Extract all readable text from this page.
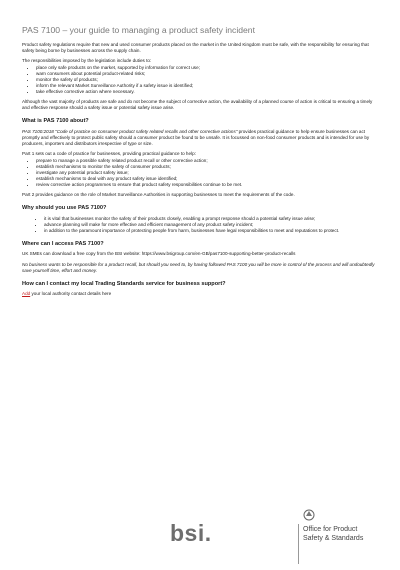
PAS 7100 – your guide to managing a product safety incident

Product safety regulations require that new and used consumer products placed on the market in the United Kingdom must be safe, with the responsibility for ensuring that safety being borne by businesses across the supply chain.

The responsibilities imposed by the legislation include duties to:

• place only safe products on the market, supported by information for correct use;
• warn consumers about potential product-related risks;
• monitor the safety of products;
• inform the relevant Market Surveillance Authority if a safety issue is identified;
• take effective corrective action where necessary.

Although the vast majority of products are safe and do not become the subject of corrective action, the availability of a planned course of action is critical to ensuring a timely and effective response should a safety issue or potential safety issue arise.

What is PAS 7100 about?

PAS 7100:2018 "Code of practice on consumer product safety related recalls and other corrective actions" provides practical guidance to help ensure businesses can act promptly and effectively to protect public safety should a consumer product be found to be unsafe. It is focussed on non-food consumer products and is intended for use by producers, importers and distributors irrespective of type or size.

Part 1 sets out a code of practice for businesses, providing practical guidance to help:

• prepare to manage a possible safety related product recall or other corrective action;
• establish mechanisms to monitor the safety of consumer products;
• investigate any potential product safety issue;
• establish mechanisms to deal with any product safety issue identified;
• review corrective action programmes to ensure that product safety responsibilities continue to be met.

Part 2 provides guidance on the role of Market Surveillance Authorities in supporting businesses to meet the requirements of the code.

Why should you use PAS 7100?
• it is vital that businesses monitor the safety of their products closely, enabling a prompt response should a potential safety issue arise;
• advance planning will make for more effective and efficient management of any product safety incident;
• in addition to the paramount importance of protecting people from harm, businesses have legal responsibilities to meet and reputations to protect.
Where can I access PAS 7100?

UK SMEs can download a free copy from the BSI website: https://www.bsigroup.com/en-GB/pas7100-supporting-better-product-recalls

No business wants to be responsible for a product recall, but should you need to, by having followed PAS 7100 you will be more in control of the process and will undoubtedly save yourself time, effort and money.

How can I contact my local Trading Standards service for business support?

Add your local authority contact details here

bsi.	Office for Product
Safety & Standards
